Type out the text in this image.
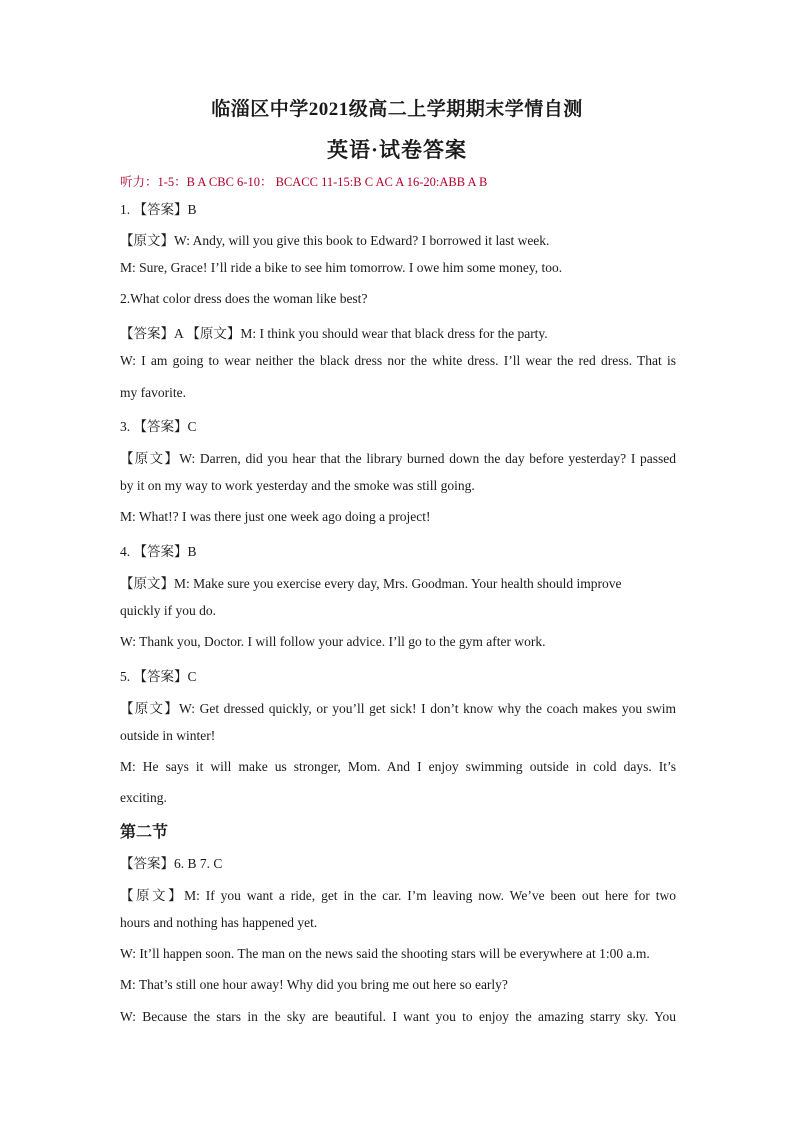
临淄区中学2021级高二上学期期末学情自测
英语·试卷答案
听力：1-5：B A CBC 6-10： BCACC 11-15:B C AC A 16-20:ABB A B
1. 【答案】B
【原文】W: Andy, will you give this book to Edward? I borrowed it last week.
M: Sure, Grace! I’ll ride a bike to see him tomorrow. I owe him some money, too.
2.What color dress does the woman like best?
【答案】A 【原文】M: I think you should wear that black dress for the party.
W: I am going to wear neither the black dress nor the white dress. I’ll wear the red dress. That is
my favorite.
3. 【答案】C
【原文】W: Darren, did you hear that the library burned down the day before yesterday? I passed
by it on my way to work yesterday and the smoke was still going.
M: What!? I was there just one week ago doing a project!
4. 【答案】B
【原文】M: Make sure you exercise every day, Mrs. Goodman. Your health should improve
quickly if you do.
W: Thank you, Doctor. I will follow your advice. I’ll go to the gym after work.
5. 【答案】C
【原文】W: Get dressed quickly, or you’ll get sick! I don’t know why the coach makes you swim
outside in winter!
M: He says it will make us stronger, Mom. And I enjoy swimming outside in cold days. It’s
exciting.
第二节
【答案】6. B 7. C
【原文】M: If you want a ride, get in the car. I’m leaving now. We’ve been out here for two
hours and nothing has happened yet.
W: It’ll happen soon. The man on the news said the shooting stars will be everywhere at 1:00 a.m.
M: That’s still one hour away! Why did you bring me out here so early?
W: Because the stars in the sky are beautiful. I want you to enjoy the amazing starry sky. You
